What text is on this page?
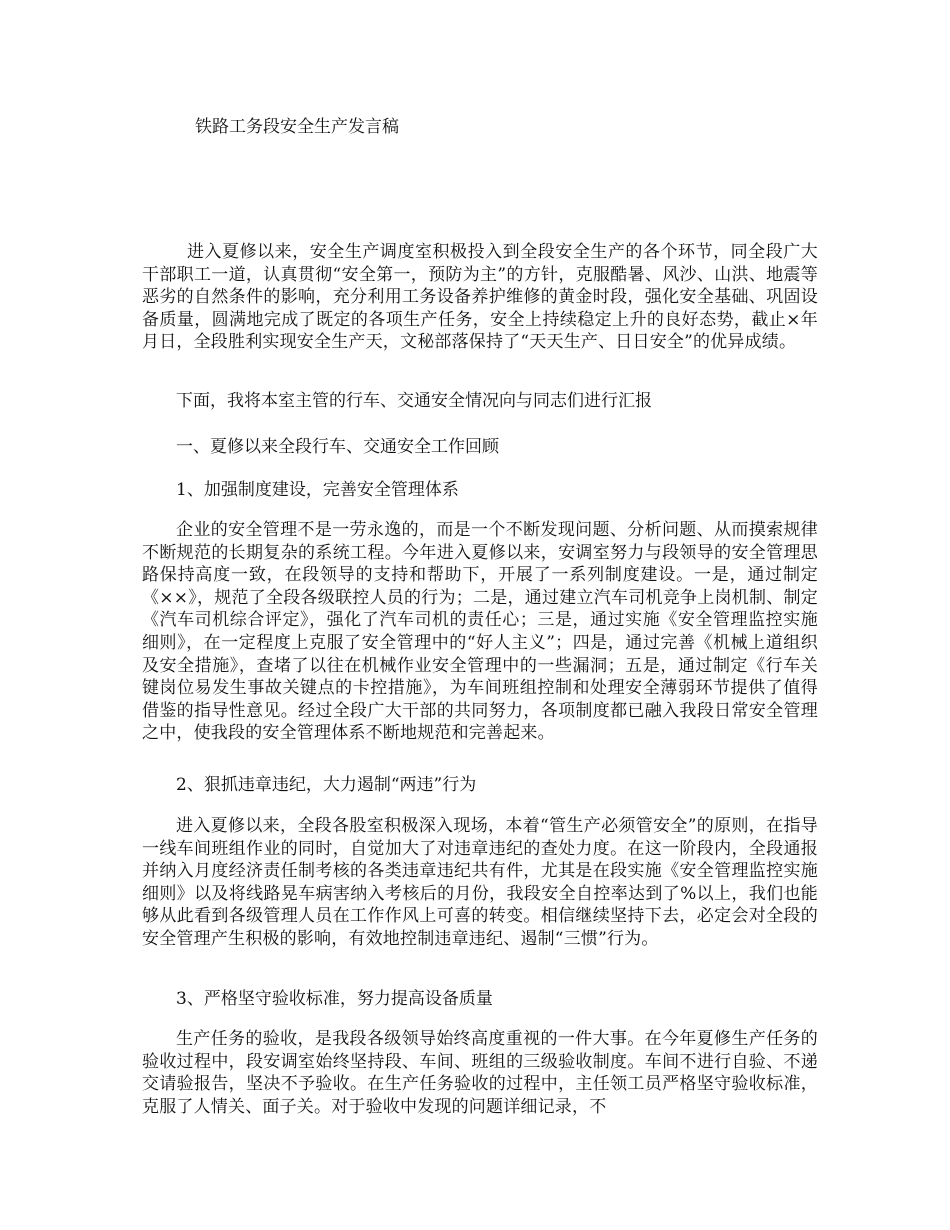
铁路工务段安全生产发言稿

进入夏修以来，安全生产调度室积极投入到全段安全生产的各个环节，同全段广大干部职工一道，认真贯彻“安全第一，预防为主”的方针，克服酷暑、风沙、山洪、地震等恶劣的自然条件的影响，充分利用工务设备养护维修的黄金时段，强化安全基础、巩固设备质量，圆满地完成了既定的各项生产任务，安全上持续稳定上升的良好态势，截止×年月日，全段胜利实现安全生产天，文秘部落保持了“天天生产、日日安全”的优异成绩。

下面，我将本室主管的行车、交通安全情况向与同志们进行汇报
一、夏修以来全段行车、交通安全工作回顾
1、加强制度建设，完善安全管理体系

企业的安全管理不是一劳永逸的，而是一个不断发现问题、分析问题、从而摸索规律不断规范的长期复杂的系统工程。今年进入夏修以来，安调室努力与段领导的安全管理思路保持高度一致，在段领导的支持和帮助下，开展了一系列制度建设。一是，通过制定《××》，规范了全段各级联控人员的行为；二是，通过建立汽车司机竞争上岗机制、制定《汽车司机综合评定》，强化了汽车司机的责任心；三是，通过实施《安全管理监控实施细则》，在一定程度上克服了安全管理中的“好人主义”；四是，通过完善《机械上道组织及安全措施》，查堵了以往在机械作业安全管理中的一些漏洞；五是，通过制定《行车关键岗位易发生事故关键点的卡控措施》，为车间班组控制和处理安全薄弱环节提供了值得借鉴的指导性意见。经过全段广大干部的共同努力，各项制度都已融入我段日常安全管理之中，使我段的安全管理体系不断地规范和完善起来。

2、狠抓违章违纪，大力遏制“两违”行为

进入夏修以来，全段各股室积极深入现场，本着“管生产必须管安全”的原则，在指导一线车间班组作业的同时，自觉加大了对违章违纪的查处力度。在这一阶段内，全段通报并纳入月度经济责任制考核的各类违章违纪共有件，尤其是在段实施《安全管理监控实施细则》以及将线路晃车病害纳入考核后的月份，我段安全自控率达到了%以上，我们也能够从此看到各级管理人员在工作作风上可喜的转变。相信继续坚持下去，必定会对全段的安全管理产生积极的影响，有效地控制违章违纪、遏制“三惯”行为。

3、严格坚守验收标准，努力提高设备质量

生产任务的验收，是我段各级领导始终高度重视的一件大事。在今年夏修生产任务的验收过程中，段安调室始终坚持段、车间、班组的三级验收制度。车间不进行自验、不递交请验报告，坚决不予验收。在生产任务验收的过程中，主任领工员严格坚守验收标准，克服了人情关、面子关。对于验收中发现的问题详细记录，不
